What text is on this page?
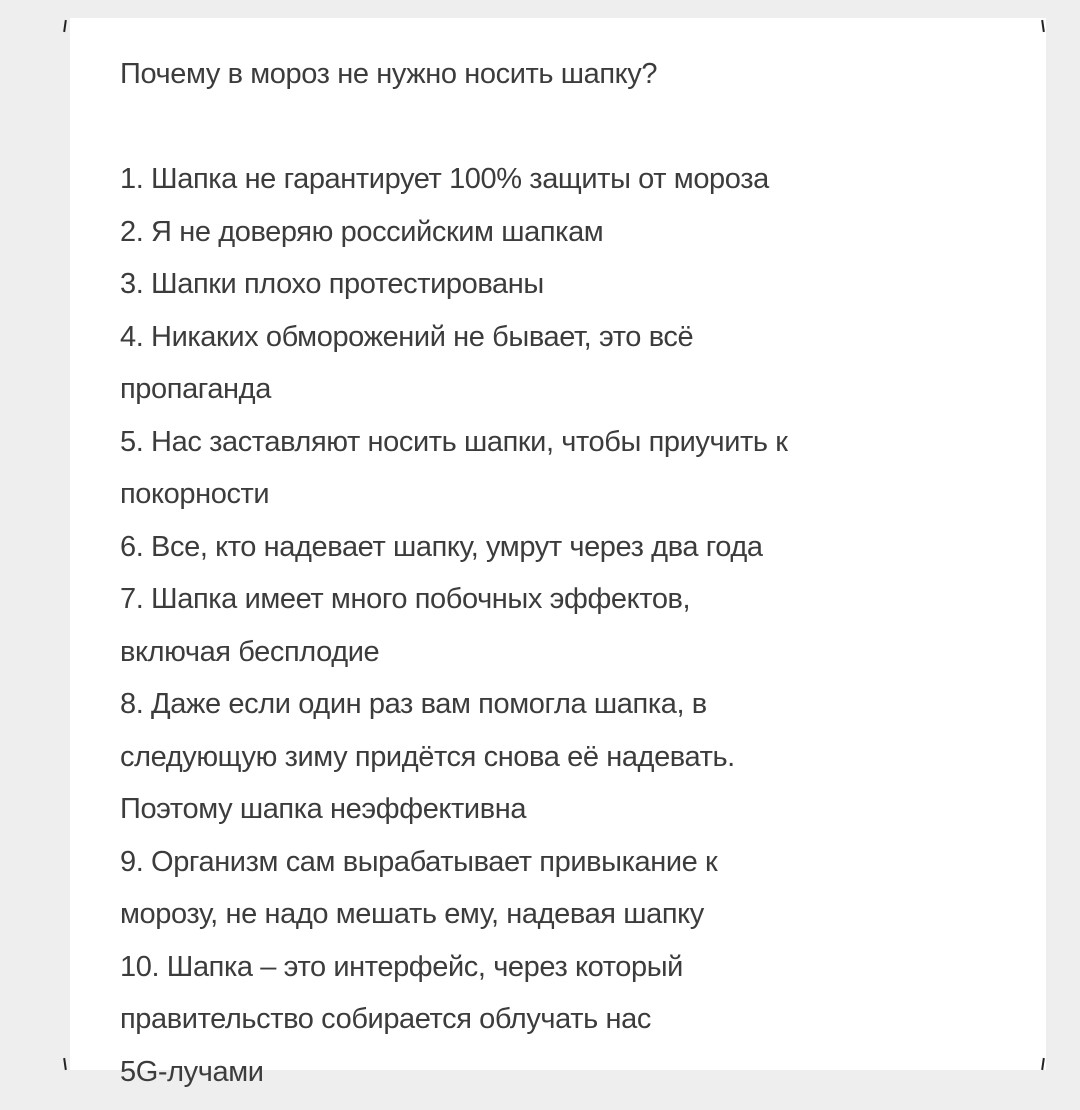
Почему в мороз не нужно носить шапку?
1. Шапка не гарантирует 100% защиты от мороза
2. Я не доверяю российским шапкам
3. Шапки плохо протестированы
4. Никаких обморожений не бывает, это всё
пропаганда
5. Нас заставляют носить шапки, чтобы приучить к
покорности
6. Все, кто надевает шапку, умрут через два года
7. Шапка имеет много побочных эффектов,
включая бесплодие
8. Даже если один раз вам помогла шапка, в
следующую зиму придётся снова её надевать.
Поэтому шапка неэффективна
9. Организм сам вырабатывает привыкание к
морозу, не надо мешать ему, надевая шапку
10. Шапка – это интерфейс, через который
правительство собирается облучать нас
5G-лучами
